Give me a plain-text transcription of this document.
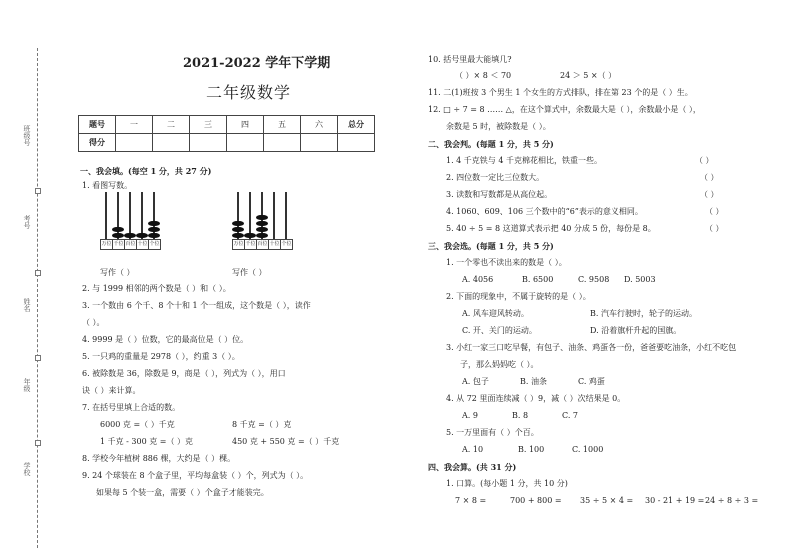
班级号
考号
姓名
年级
学校
2021-2022 学年下学期
二年级数学
题号	一	二	三	四	五	六	总分
得分							
一、我会填。(每空 1 分，共 27 分)
1. 看图写数。
万位 千位 百位 十位 个位
写作（ ）
万位 千位 百位 十位 个位
写作（ ）
2. 与 1999 相邻的两个数是（ ）和（ ）。
3. 一个数由 6 个千、8 个十和 1 个一组成，这个数是（ ），读作
（ ）。
4. 9999 是（ ）位数，它的最高位是（ ）位。
5. 一只鸡的重量是 2978（ ），约重 3（ ）。
6. 被除数是 36，除数是 9，商是（ ），列式为（ ），用口
诀（ ）来计算。
7. 在括号里填上合适的数。
6000 克 =（ ）千克	8 千克 =（ ）克
1 千克 - 300 克 =（ ）克	450 克 + 550 克 =（ ）千克
8. 学校今年植树 886 棵，大约是（ ）棵。
9. 24 个球装在 8 个盒子里，平均每盒装（ ）个，列式为（ ）。
如果每 5 个装一盒，需要（ ）个盒子才能装完。
10. 括号里最大能填几?
（ ）× 8 ＜ 70	24 ＞ 5 ×（ ）
11. 二(1)班按 3 个男生 1 个女生的方式排队，排在第 23 个的是（ ）生。
12. □ ÷ 7 = 8 …… △，在这个算式中，余数最大是（ ），余数最小是（ ），
余数是 5 时，被除数是（ ）。
二、我会判。(每题 1 分，共 5 分)
1. 4 千克铁与 4 千克棉花相比，铁重一些。	（ ）
2. 四位数一定比三位数大。	（ ）
3. 读数和写数都是从高位起。	（ ）
4. 1060、609、106 三个数中的“6”表示的意义相同。	（ ）
5. 40 ÷ 5 = 8 这道算式表示把 40 分成 5 份，每份是 8。	（ ）
三、我会选。(每题 1 分，共 5 分)
1. 一个零也不读出来的数是（ ）。
A. 4056	B. 6500	C. 9508 D. 5003
2. 下面的现象中，不属于旋转的是（ ）。
A. 风车迎风转动。	B. 汽车行驶时，轮子的运动。
C. 开、关门的运动。	D. 沿着旗杆升起的国旗。
3. 小红一家三口吃早餐，有包子、油条、鸡蛋各一份，爸爸要吃油条，小红不吃包
子，那么妈妈吃（ ）。
A. 包子	B. 油条	C. 鸡蛋
4. 从 72 里面连续减（ ）9，减（ ）次结果是 0。
A. 9	B. 8	C. 7
5. 一万里面有（ ）个百。
A. 10	B. 100	C. 1000
四、我会算。(共 31 分)
1. 口算。(每小题 1 分，共 10 分)
7 × 8 =	700 + 800 = 35 ÷ 5 × 4 = 30 - 21 + 19 = 24 ÷ 8 ÷ 3 =
